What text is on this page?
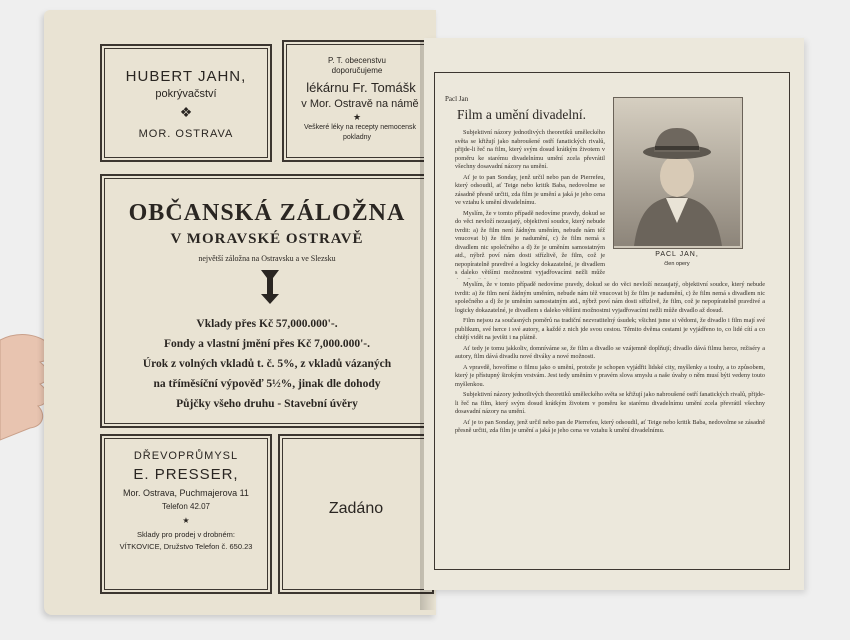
HUBERT JAHN,
pokrývačství
❖
MOR. OSTRAVA
P. T. obecenstvu
doporučujeme
lékárnu Fr. Tomášk
v Mor. Ostravě na námě
★
Veškeré léky na recepty nemocensk
pokladny
OBČANSKÁ ZÁLOŽNA
V MORAVSKÉ OSTRAVĚ
největší záložna na Ostravsku a ve Slezsku
Vklady přes Kč 57,000.000'-.
Fondy a vlastní jmění přes Kč 7,000.000'-.
Úrok z volných vkladů t. č. 5%, z vkladů vázaných
na tříměsíční výpověď 5½%, jinak dle dohody
Půjčky všeho druhu - Stavební úvěry
DŘEVOPRŮMYSL
E. PRESSER,
Mor. Ostrava, Puchmajerova 11
Telefon 42.07
★
Sklady pro prodej v drobném:
VÍTKOVICE, Družstvo Telefon č. 650.23
Zadáno
Pacl Jan
Film a umění divadelní.
PACL JAN,
člen opery

Subjektivní názory jednotlivých theoretiků uměleckého světa se křižují jako nabroušené ostří fanatických rivalů, přijde-li řeč na film, který svým dosud krátkým životem v poměru ke starému divadelnímu umění zcela převrátil všechny dosavadní názory na umění.

Ať je to pan Sonday, jenž určil nebo pan de Pierrefeu, který odsoudil, ať Teige nebo kritik Baba, nedovolme se zásadně přesně určiti, zda film je umění a jaká je jeho cena ve vztahu k umění divadelnímu.

Myslím, že v tomto případě nedovíme pravdy, dokud se do věci nevloží nezaujatý, objektivní soudce, který nebude tvrdit: a) že film není žádným uměním, nebude nám též vnucovat b) že film je nadumění, c) že film nemá s divadlem nic společného a d) že je uměním samostatným atd., nýbrž poví nám dosti střízlivě, že film, což je nepopíratelně pravdivé a logicky dokazatelné, je divadlem s daleko většími možnostmi vyjadřovacími nežli může

Myslím, že v tomto případě nedovíme pravdy, dokud se do věci nevloží nezaujatý, objektivní soudce, který nebude tvrdit: a) že film není žádným uměním, nebude nám též vnucovat b) že film je nadumění, c) že film nemá s divadlem nic společného a d) že je uměním samostatným atd., nýbrž poví nám dosti střízlivě, že film, což je nepopíratelně pravdivé a logicky dokazatelné, je divadlem s daleko většími možnostmi vyjadřovacími nežli může divadlo až dosud.

Film nejsou za současných poměrů na tradiční nezvratitelný úsudek; všichni jsme si vědomi, že divadlo i film mají své publikum, své herce i své autory, a každé z nich jde svou cestou. Těmito dvěma cestami je vyjádřeno to, co lidé cítí a co chtějí vidět na jevišti i na plátně.

Ať tedy je tomu jakkoliv, domníváme se, že film a divadlo se vzájemně doplňují; divadlo dává filmu herce, režiséry a autory, film dává divadlu nové diváky a nové možnosti.

A vpravdě, hovoříme o filmu jako o umění, protože je schopen vyjádřit lidské city, myšlenky a touhy, a to způsobem, který je přístupný širokým vrstvám. Jest tedy uměním v pravém slova smyslu a naše úvahy o něm musí býti vedeny touto myšlenkou.

Subjektivní názory jednotlivých theoretiků uměleckého světa se křižují jako nabroušené ostří fanatických rivalů, přijde-li řeč na film, který svým dosud krátkým životem v poměru ke starému divadelnímu umění zcela převrátil všechny dosavadní názory na umění.

Ať je to pan Sonday, jenž určil nebo pan de Pierrefeu, který odsoudil, ať Teige nebo kritik Baba, nedovolme se zásadně přesně určiti, zda film je umění a jaká je jeho cena ve vztahu k umění divadelnímu.
